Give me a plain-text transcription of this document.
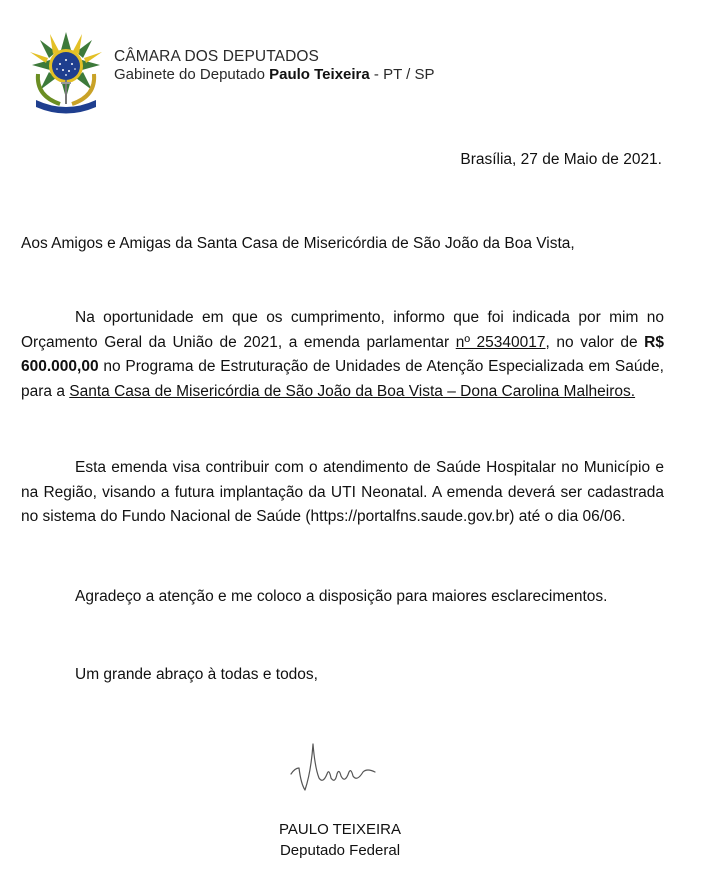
CÂMARA DOS DEPUTADOS
Gabinete do Deputado Paulo Teixeira - PT / SP
Brasília, 27 de Maio de 2021.
Aos Amigos e Amigas da Santa Casa de Misericórdia de São João da Boa Vista,
Na oportunidade em que os cumprimento, informo que foi indicada por mim no Orçamento Geral da União de 2021, a emenda parlamentar nº 25340017, no valor de R$ 600.000,00 no Programa de Estruturação de Unidades de Atenção Especializada em Saúde, para a Santa Casa de Misericórdia de São João da Boa Vista – Dona Carolina Malheiros.
Esta emenda visa contribuir com o atendimento de Saúde Hospitalar no Município e na Região, visando a futura implantação da UTI Neonatal. A emenda deverá ser cadastrada no sistema do Fundo Nacional de Saúde (https://portalfns.saude.gov.br) até o dia 06/06.
Agradeço a atenção e me coloco a disposição para maiores esclarecimentos.
Um grande abraço à todas e todos,
PAULO TEIXEIRA
Deputado Federal
